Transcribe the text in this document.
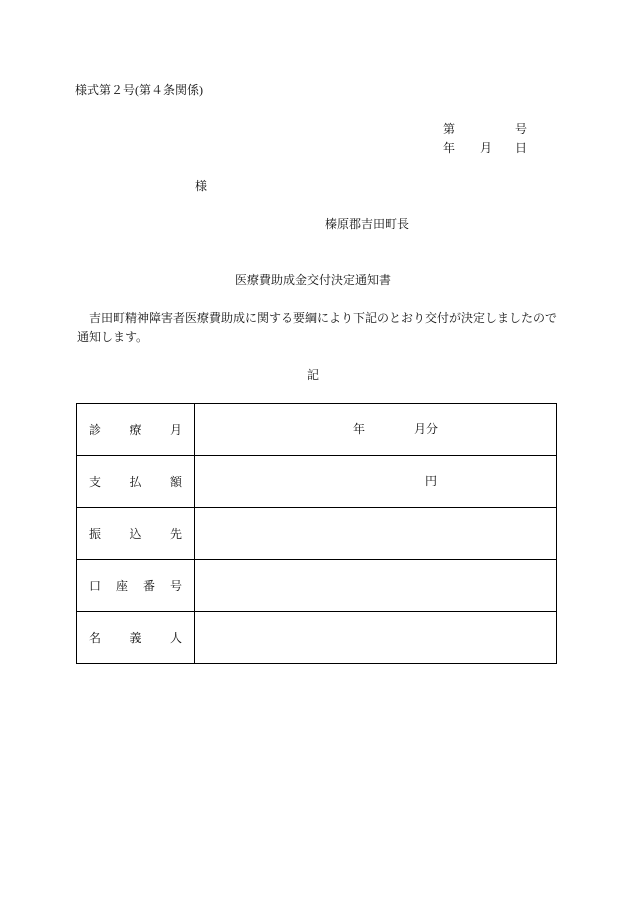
様式第２号(第４条関係)
第	号
年 月 日
様
榛原郡吉田町長
医療費助成金交付決定通知書
吉田町精神障害者医療費助成に関する要綱により下記のとおり交付が決定しましたので通知します。
記
診 療 月	年	月分
支 払 額	円
振 込 先
口 座 番 号
名 義 人
